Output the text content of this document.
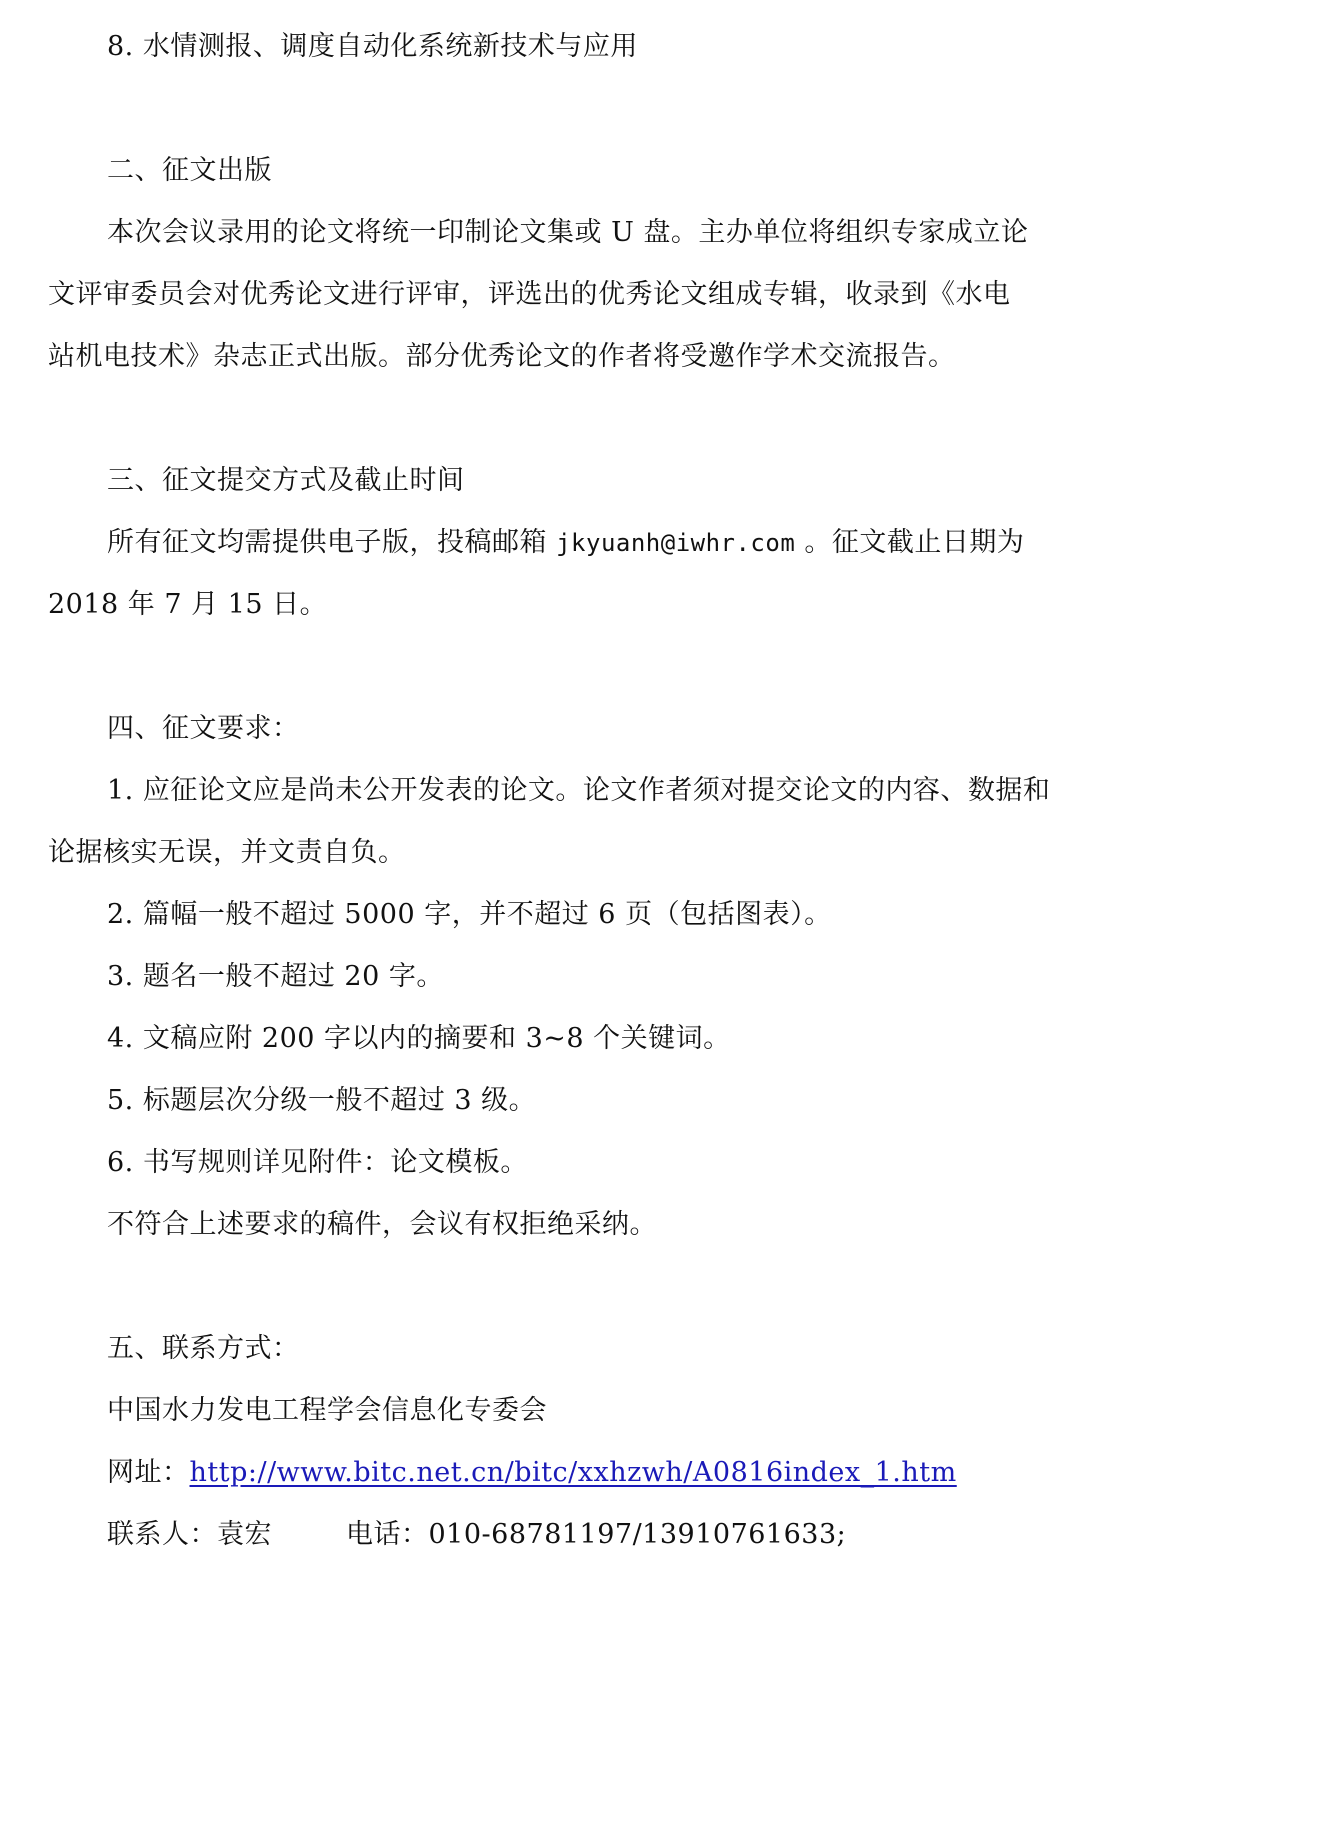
8. 水情测报、调度自动化系统新技术与应用
二、征文出版
本次会议录用的论文将统一印制论文集或 U 盘。主办单位将组织专家成立论
文评审委员会对优秀论文进行评审，评选出的优秀论文组成专辑，收录到《水电
站机电技术》杂志正式出版。部分优秀论文的作者将受邀作学术交流报告。
三、征文提交方式及截止时间
所有征文均需提供电子版，投稿邮箱 jkyuanh@iwhr.com 。征文截止日期为
2018 年 7 月 15 日。
四、征文要求：
1. 应征论文应是尚未公开发表的论文。论文作者须对提交论文的内容、数据和
论据核实无误，并文责自负。
2. 篇幅一般不超过 5000 字，并不超过 6 页（包括图表）。
3. 题名一般不超过 20 字。
4. 文稿应附 200 字以内的摘要和 3~8 个关键词。
5. 标题层次分级一般不超过 3 级。
6. 书写规则详见附件：论文模板。
不符合上述要求的稿件，会议有权拒绝采纳。
五、联系方式：
中国水力发电工程学会信息化专委会
网址：http://www.bitc.net.cn/bitc/xxhzwh/A0816index_1.htm
联系人：袁宏	电话：010-68781197/13910761633;
